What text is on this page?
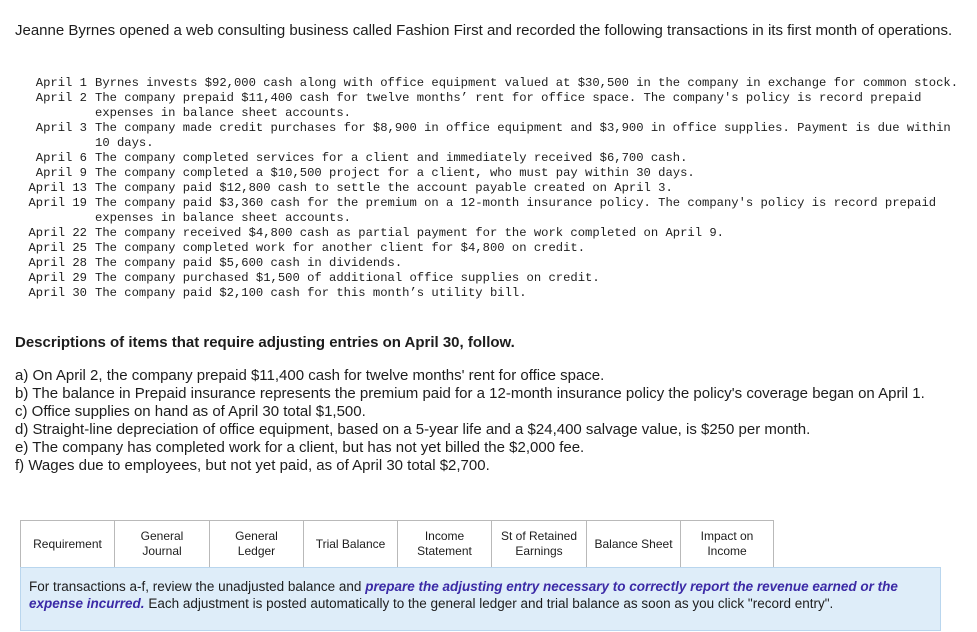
Jeanne Byrnes opened a web consulting business called Fashion First and recorded the following transactions in its first month of operations.
April 1 Byrnes invests $92,000 cash along with office equipment valued at $30,500 in the company in exchange for common stock.
April 2 The company prepaid $11,400 cash for twelve months’ rent for office space. The company's policy is record prepaid expenses in balance sheet accounts.
April 3 The company made credit purchases for $8,900 in office equipment and $3,900 in office supplies. Payment is due within 10 days.
April 6 The company completed services for a client and immediately received $6,700 cash.
April 9 The company completed a $10,500 project for a client, who must pay within 30 days.
April 13 The company paid $12,800 cash to settle the account payable created on April 3.
April 19 The company paid $3,360 cash for the premium on a 12-month insurance policy. The company's policy is record prepaid expenses in balance sheet accounts.
April 22 The company received $4,800 cash as partial payment for the work completed on April 9.
April 25 The company completed work for another client for $4,800 on credit.
April 28 The company paid $5,600 cash in dividends.
April 29 The company purchased $1,500 of additional office supplies on credit.
April 30 The company paid $2,100 cash for this month’s utility bill.
Descriptions of items that require adjusting entries on April 30, follow.
a) On April 2, the company prepaid $11,400 cash for twelve months' rent for office space.
b) The balance in Prepaid insurance represents the premium paid for a 12-month insurance policy the policy's coverage began on April 1.
c) Office supplies on hand as of April 30 total $1,500.
d) Straight-line depreciation of office equipment, based on a 5-year life and a $24,400 salvage value, is $250 per month.
e) The company has completed work for a client, but has not yet billed the $2,000 fee.
f) Wages due to employees, but not yet paid, as of April 30 total $2,700.
Requirement
General
Journal
General
Ledger
Trial Balance
Income
Statement
St of Retained
Earnings
Balance Sheet
Impact on
Income
For transactions a-f, review the unadjusted balance and prepare the adjusting entry necessary to correctly report the revenue earned or the expense incurred. Each adjustment is posted automatically to the general ledger and trial balance as soon as you click "record entry".
